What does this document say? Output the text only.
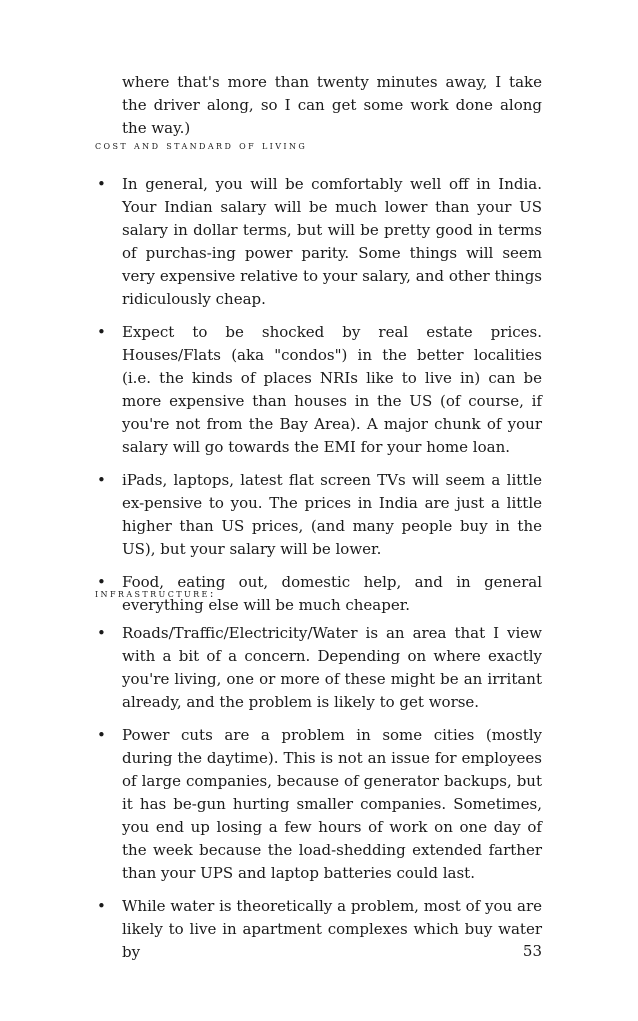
where that's more than twenty minutes away, I take the driver along, so I can get some work done along the way.)

cost and standard of living
• In general, you will be comfortably well off in India. Your Indian salary will be much lower than your US salary in dollar terms, but will be pretty good in terms of purchas-ing power parity. Some things will seem very expensive relative to your salary, and other things ridiculously cheap.
• Expect to be shocked by real estate prices. Houses/Flats (aka "condos") in the better localities (i.e. the kinds of places NRIs like to live in) can be more expensive than houses in the US (of course, if you're not from the Bay Area). A major chunk of your salary will go towards the EMI for your home loan.
• iPads, laptops, latest flat screen TVs will seem a little ex-pensive to you. The prices in India are just a little higher than US prices, (and many people buy in the US), but your salary will be lower.
• Food, eating out, domestic help, and in general everything else will be much cheaper.
infrastructure:
• Roads/Traffic/Electricity/Water is an area that I view with a bit of a concern. Depending on where exactly you're living, one or more of these might be an irritant already, and the problem is likely to get worse.
• Power cuts are a problem in some cities (mostly during the daytime). This is not an issue for employees of large companies, because of generator backups, but it has be-gun hurting smaller companies. Sometimes, you end up losing a few hours of work on one day of the week because the load-shedding extended farther than your UPS and laptop batteries could last.
• While water is theoretically a problem, most of you are likely to live in apartment complexes which buy water by	53
